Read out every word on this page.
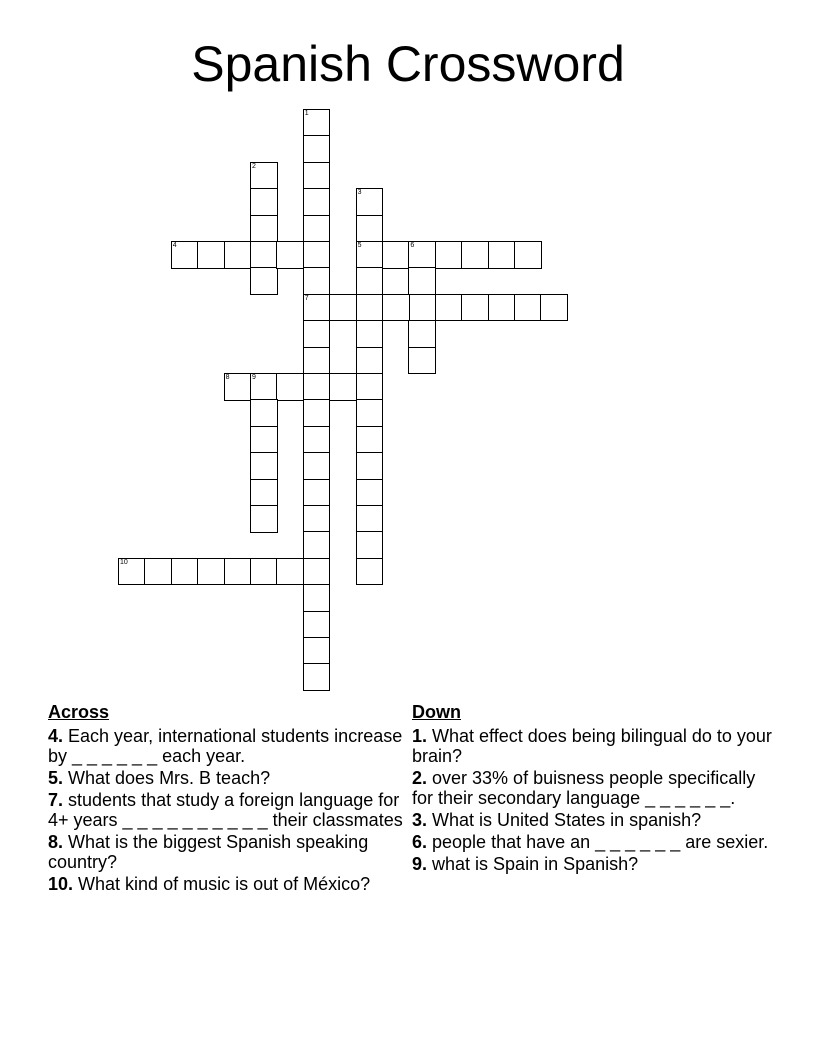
Spanish Crossword
1
7
2
3
5
4	6
8	9
10
Across
4. Each year, international students increase by _ _ _ _ _ _ each year.
5. What does Mrs. B teach?
7. students that study a foreign language for 4+ years _ _ _ _ _ _ _ _ _ _ their classmates
8. What is the biggest Spanish speaking country?
10. What kind of music is out of México?
Down
1. What effect does being bilingual do to your brain?
2. over 33% of buisness people specifically for their secondary language _ _ _ _ _ _.
3. What is United States in spanish?
6. people that have an _ _ _ _ _ _ are sexier.
9. what is Spain in Spanish?
